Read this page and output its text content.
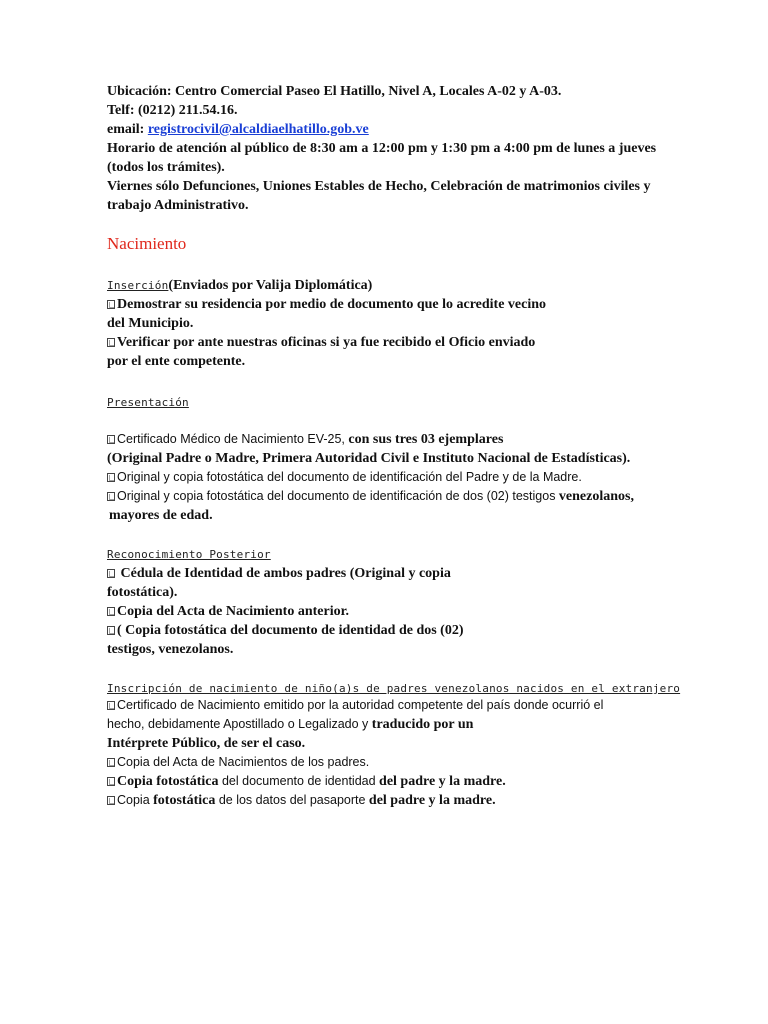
Ubicación: Centro Comercial Paseo El Hatillo, Nivel A, Locales A-02 y A-03.
Telf: (0212) 211.54.16.
email: registrocivil@alcaldiaelhatillo.gob.ve
Horario de atención al público de 8:30 am a 12:00 pm y 1:30 pm a 4:00 pm de lunes a jueves
(todos los trámites).
Viernes sólo Defunciones, Uniones Estables de Hecho, Celebración de matrimonios civiles y
trabajo Administrativo.
Nacimiento
Inserción(Enviados por Valija Diplomática)
Demostrar su residencia por medio de documento que lo acredite vecino
del Municipio.
Verificar por ante nuestras oficinas si ya fue recibido el Oficio enviado
por el ente competente.
Presentación
Certificado Médico de Nacimiento EV-25, con sus tres 03 ejemplares
(Original Padre o Madre, Primera Autoridad Civil e Instituto Nacional de Estadísticas).
Original y copia fotostática del documento de identificación del Padre y de la Madre.
Original y copia fotostática del documento de identificación de dos (02) testigos venezolanos,
mayores de edad.
Reconocimiento Posterior
Cédula de Identidad de ambos padres (Original y copia
fotostática).
Copia del Acta de Nacimiento anterior.
( Copia fotostática del documento de identidad de dos (02)
testigos, venezolanos.
Inscripción de nacimiento de niño(a)s de padres venezolanos nacidos en el extranjero
Certificado de Nacimiento emitido por la autoridad competente del país donde ocurrió el
hecho, debidamente Apostillado o Legalizado y traducido por un
Intérprete Público, de ser el caso.
Copia del Acta de Nacimientos de los padres.
Copia fotostática del documento de identidad del padre y la madre.
Copia fotostática de los datos del pasaporte del padre y la madre.
